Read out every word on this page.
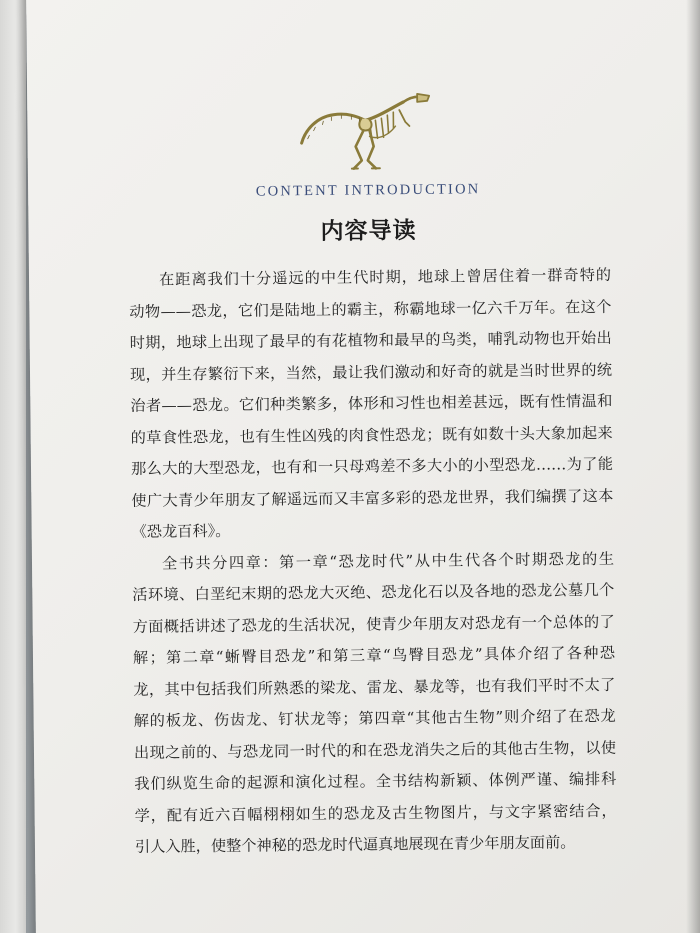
CONTENT INTRODUCTION
内容导读
在距离我们十分遥远的中生代时期，地球上曾居住着一群奇特的
动物——恐龙，它们是陆地上的霸主，称霸地球一亿六千万年。在这个
时期，地球上出现了最早的有花植物和最早的鸟类，哺乳动物也开始出
现，并生存繁衍下来，当然，最让我们激动和好奇的就是当时世界的统
治者——恐龙。它们种类繁多，体形和习性也相差甚远，既有性情温和
的草食性恐龙，也有生性凶残的肉食性恐龙；既有如数十头大象加起来
那么大的大型恐龙，也有和一只母鸡差不多大小的小型恐龙……为了能
使广大青少年朋友了解遥远而又丰富多彩的恐龙世界，我们编撰了这本
《恐龙百科》。
全书共分四章：第一章“恐龙时代”从中生代各个时期恐龙的生
活环境、白垩纪末期的恐龙大灭绝、恐龙化石以及各地的恐龙公墓几个
方面概括讲述了恐龙的生活状况，使青少年朋友对恐龙有一个总体的了
解；第二章“蜥臀目恐龙”和第三章“鸟臀目恐龙”具体介绍了各种恐
龙，其中包括我们所熟悉的梁龙、雷龙、暴龙等，也有我们平时不太了
解的板龙、伤齿龙、钉状龙等；第四章“其他古生物”则介绍了在恐龙
出现之前的、与恐龙同一时代的和在恐龙消失之后的其他古生物，以使
我们纵览生命的起源和演化过程。全书结构新颖、体例严谨、编排科
学，配有近六百幅栩栩如生的恐龙及古生物图片，与文字紧密结合，
引人入胜，使整个神秘的恐龙时代逼真地展现在青少年朋友面前。
